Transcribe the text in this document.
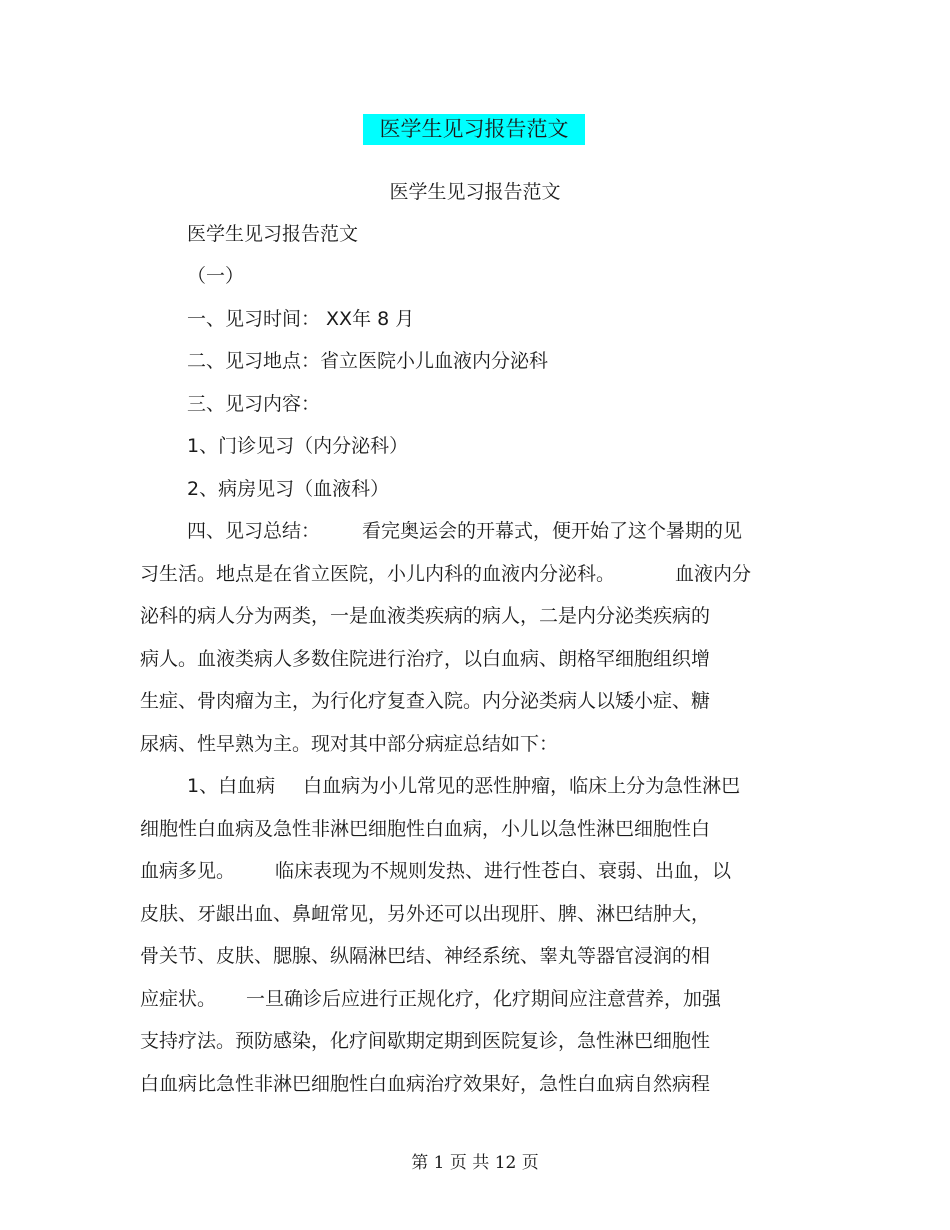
医学生见习报告范文
医学生见习报告范文
医学生见习报告范文
（一）
一、见习时间： XX年 8 月
二、见习地点：省立医院小儿血液内分泌科
三、见习内容：
1、门诊见习（内分泌科）
2、病房见习（血液科）
四、见习总结： 看完奥运会的开幕式，便开始了这个暑期的见
习生活。地点是在省立医院，小儿内科的血液内分泌科。	血液内分
泌科的病人分为两类，一是血液类疾病的病人，二是内分泌类疾病的
病人。血液类病人多数住院进行治疗，以白血病、朗格罕细胞组织增
生症、骨肉瘤为主，为行化疗复查入院。内分泌类病人以矮小症、糖
尿病、性早熟为主。现对其中部分病症总结如下：
1、白血病 白血病为小儿常见的恶性肿瘤，临床上分为急性淋巴
细胞性白血病及急性非淋巴细胞性白血病，小儿以急性淋巴细胞性白
血病多见。 临床表现为不规则发热、进行性苍白、衰弱、出血，以
皮肤、牙龈出血、鼻衄常见，另外还可以出现肝、脾、淋巴结肿大，
骨关节、皮肤、腮腺、纵隔淋巴结、神经系统、睾丸等器官浸润的相
应症状。 一旦确诊后应进行正规化疗，化疗期间应注意营养，加强
支持疗法。预防感染，化疗间歇期定期到医院复诊，急性淋巴细胞性
白血病比急性非淋巴细胞性白血病治疗效果好，急性白血病自然病程
第 1 页 共 12 页
